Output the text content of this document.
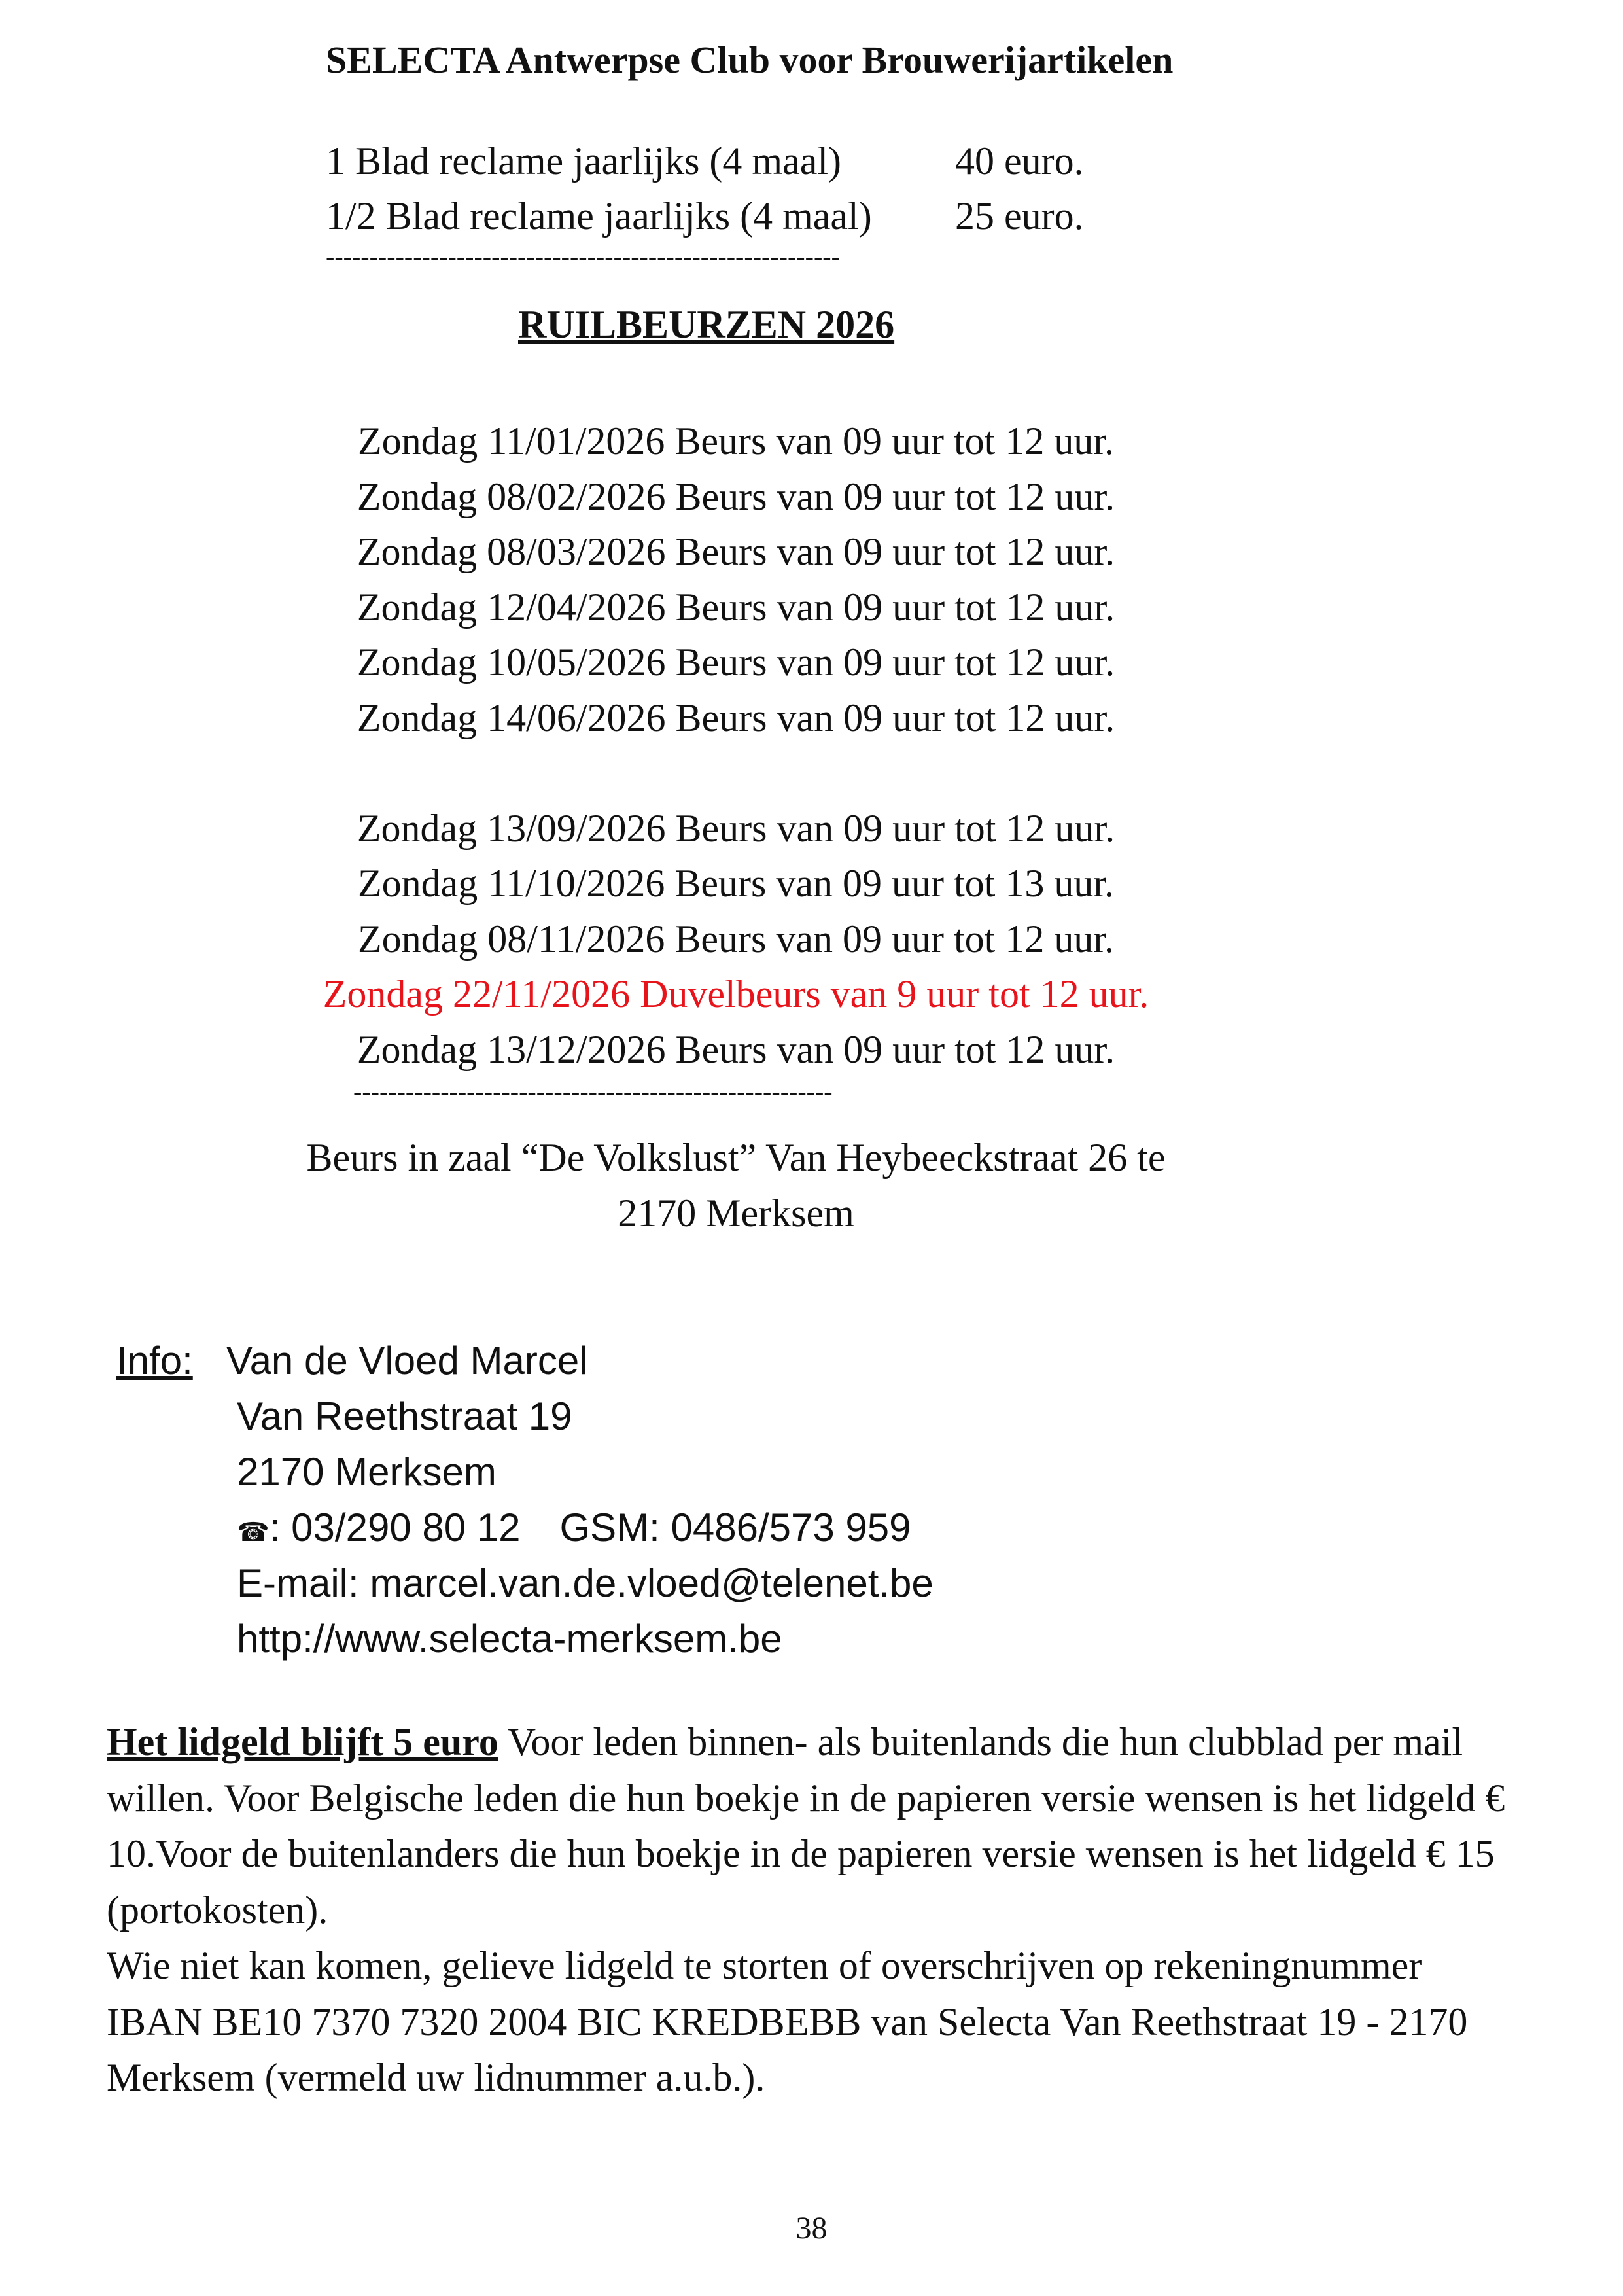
SELECTA Antwerpse Club voor Brouwerijartikelen
1 Blad reclame jaarlijks (4 maal)	40 euro.
1/2 Blad reclame jaarlijks (4 maal) 25 euro.
-----------------------------------------------------------
RUILBEURZEN 2026
Zondag 11/01/2026 Beurs van 09 uur tot 12 uur.
Zondag 08/02/2026 Beurs van 09 uur tot 12 uur.
Zondag 08/03/2026 Beurs van 09 uur tot 12 uur.
Zondag 12/04/2026 Beurs van 09 uur tot 12 uur.
Zondag 10/05/2026 Beurs van 09 uur tot 12 uur.
Zondag 14/06/2026 Beurs van 09 uur tot 12 uur.
Zondag 13/09/2026 Beurs van 09 uur tot 12 uur.
Zondag 11/10/2026 Beurs van 09 uur tot 13 uur.
Zondag 08/11/2026 Beurs van 09 uur tot 12 uur.
Zondag 22/11/2026 Duvelbeurs van 9 uur tot 12 uur.
Zondag 13/12/2026 Beurs van 09 uur tot 12 uur.
-------------------------------------------------------
Beurs in zaal “De Volkslust” Van Heybeeckstraat 26 te
2170 Merksem
Info: Van de Vloed Marcel
Van Reethstraat 19
2170 Merksem
☎: 03/290 80 12 GSM: 0486/573 959
E-mail: marcel.van.de.vloed@telenet.be
http://www.selecta-merksem.be
Het lidgeld blijft 5 euro Voor leden binnen- als buitenlands die hun clubblad per mail willen. Voor Belgische leden die hun boekje in de papieren versie wensen is het lidgeld € 10.Voor de buitenlanders die hun boekje in de papieren versie wensen is het lidgeld € 15 (portokosten).
Wie niet kan komen, gelieve lidgeld te storten of overschrijven op rekeningnummer IBAN BE10 7370 7320 2004 BIC KREDBEBB van Selecta Van Reethstraat 19 - 2170 Merksem (vermeld uw lidnummer a.u.b.).
38
